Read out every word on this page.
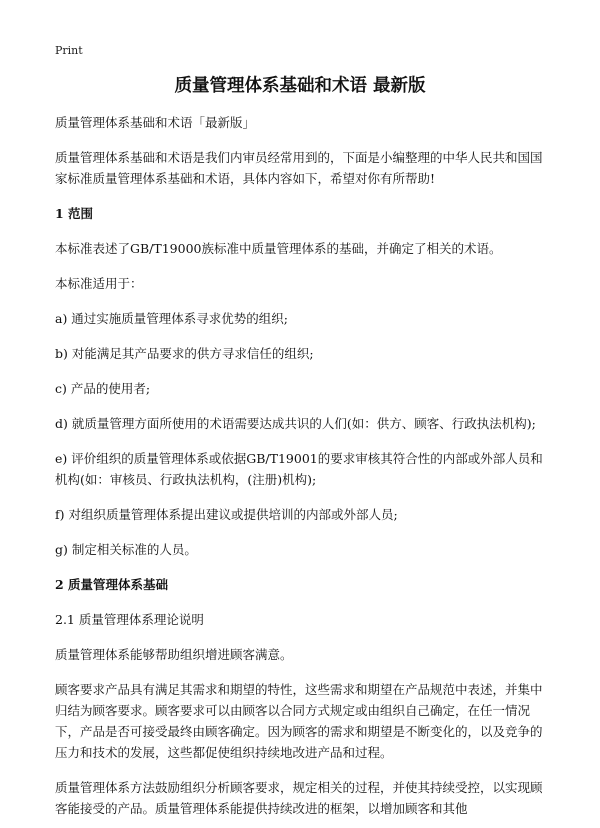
Print
质量管理体系基础和术语 最新版

质量管理体系基础和术语「最新版」

质量管理体系基础和术语是我们内审员经常用到的，下面是小编整理的中华人民共和国国家标准质量管理体系基础和术语，具体内容如下，希望对你有所帮助!

1 范围

本标准表述了GB/T19000族标准中质量管理体系的基础，并确定了相关的术语。

本标准适用于：

a) 通过实施质量管理体系寻求优势的组织;

b) 对能满足其产品要求的供方寻求信任的组织;

c) 产品的使用者;

d) 就质量管理方面所使用的术语需要达成共识的人们(如：供方、顾客、行政执法机构);

e) 评价组织的质量管理体系或依据GB/T19001的要求审核其符合性的内部或外部人员和机构(如：审核员、行政执法机构，(注册)机构);

f) 对组织质量管理体系提出建议或提供培训的内部或外部人员;

g) 制定相关标准的人员。

2 质量管理体系基础

2.1 质量管理体系理论说明

质量管理体系能够帮助组织增进顾客满意。

顾客要求产品具有满足其需求和期望的特性，这些需求和期望在产品规范中表述，并集中归结为顾客要求。顾客要求可以由顾客以合同方式规定或由组织自己确定，在任一情况下，产品是否可接受最终由顾客确定。因为顾客的需求和期望是不断变化的，以及竞争的压力和技术的发展，这些都促使组织持续地改进产品和过程。

质量管理体系方法鼓励组织分析顾客要求，规定相关的过程，并使其持续受控，以实现顾客能接受的产品。质量管理体系能提供持续改进的框架，以增加顾客和其他
